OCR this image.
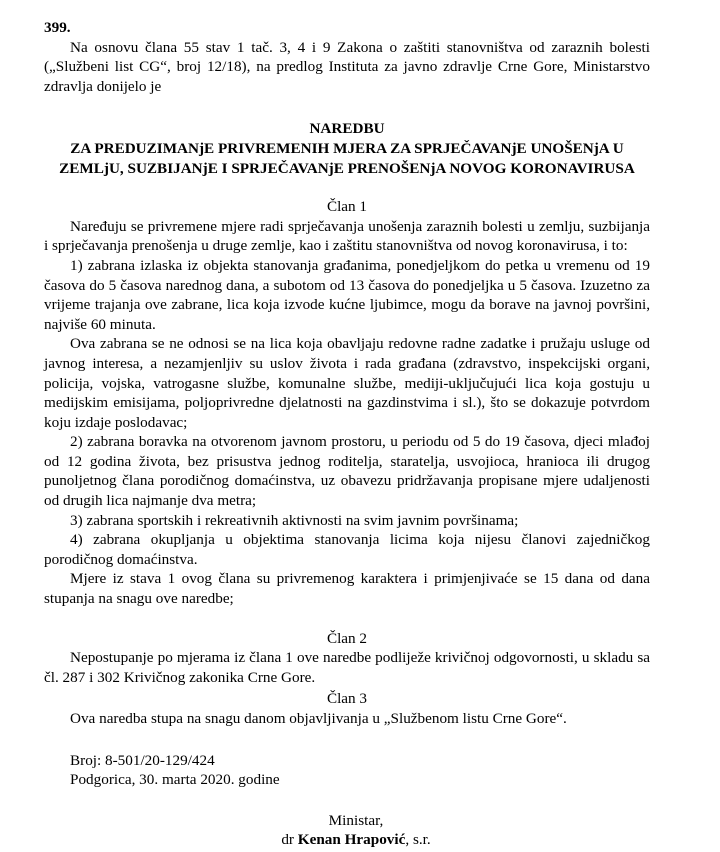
399.

Na osnovu člana 55 stav 1 tač. 3, 4 i 9 Zakona o zaštiti stanovništva od zaraznih bolesti („Službeni list CG“, broj 12/18), na predlog Instituta za javno zdravlje Crne Gore, Ministarstvo zdravlja donijelo je

NAREDBU

ZA PREDUZIMANjE PRIVREMENIH MJERA ZA SPRJEČAVANjE UNOŠENjA U ZEMLjU, SUZBIJANjE I SPRJEČAVANjE PRENOŠENjA NOVOG KORONAVIRUSA

Član 1

Naređuju se privremene mjere radi sprječavanja unošenja zaraznih bolesti u zemlju, suzbijanja i sprječavanja prenošenja u druge zemlje, kao i zaštitu stanovništva od novog koronavirusa, i to:

1) zabrana izlaska iz objekta stanovanja građanima, ponedjeljkom do petka u vremenu od 19 časova do 5 časova narednog dana, a subotom od 13 časova do ponedjeljka u 5 časova. Izuzetno za vrijeme trajanja ove zabrane, lica koja izvode kućne ljubimce, mogu da borave na javnoj površini, najviše 60 minuta.

Ova zabrana se ne odnosi se na lica koja obavljaju redovne radne zadatke i pružaju usluge od javnog interesa, a nezamjenljiv su uslov života i rada građana (zdravstvo, inspekcijski organi, policija, vojska, vatrogasne službe, komunalne službe, mediji-uključujući lica koja gostuju u medijskim emisijama, poljoprivredne djelatnosti na gazdinstvima i sl.), što se dokazuje potvrdom koju izdaje poslodavac;

2) zabrana boravka na otvorenom javnom prostoru, u periodu od 5 do 19 časova, djeci mlađoj od 12 godina života, bez prisustva jednog roditelja, staratelja, usvojioca, hranioca ili drugog punoljetnog člana porodičnog domaćinstva, uz obavezu pridržavanja propisane mjere udaljenosti od drugih lica najmanje dva metra;

3) zabrana sportskih i rekreativnih aktivnosti na svim javnim površinama;

4) zabrana okupljanja u objektima stanovanja licima koja nijesu članovi zajedničkog porodičnog domaćinstva.

Mjere iz stava 1 ovog člana su privremenog karaktera i primjenjivaće se 15 dana od dana stupanja na snagu ove naredbe;

Član 2

Nepostupanje po mjerama iz člana 1 ove naredbe podliježe krivičnoj odgovornosti, u skladu sa čl. 287 i 302 Krivičnog zakonika Crne Gore.

Član 3

Ova naredba stupa na snagu danom objavljivanja u „Službenom listu Crne Gore“.

Broj: 8-501/20-129/424

Podgorica, 30. marta 2020. godine

Ministar,

dr Kenan Hrapović, s.r.
